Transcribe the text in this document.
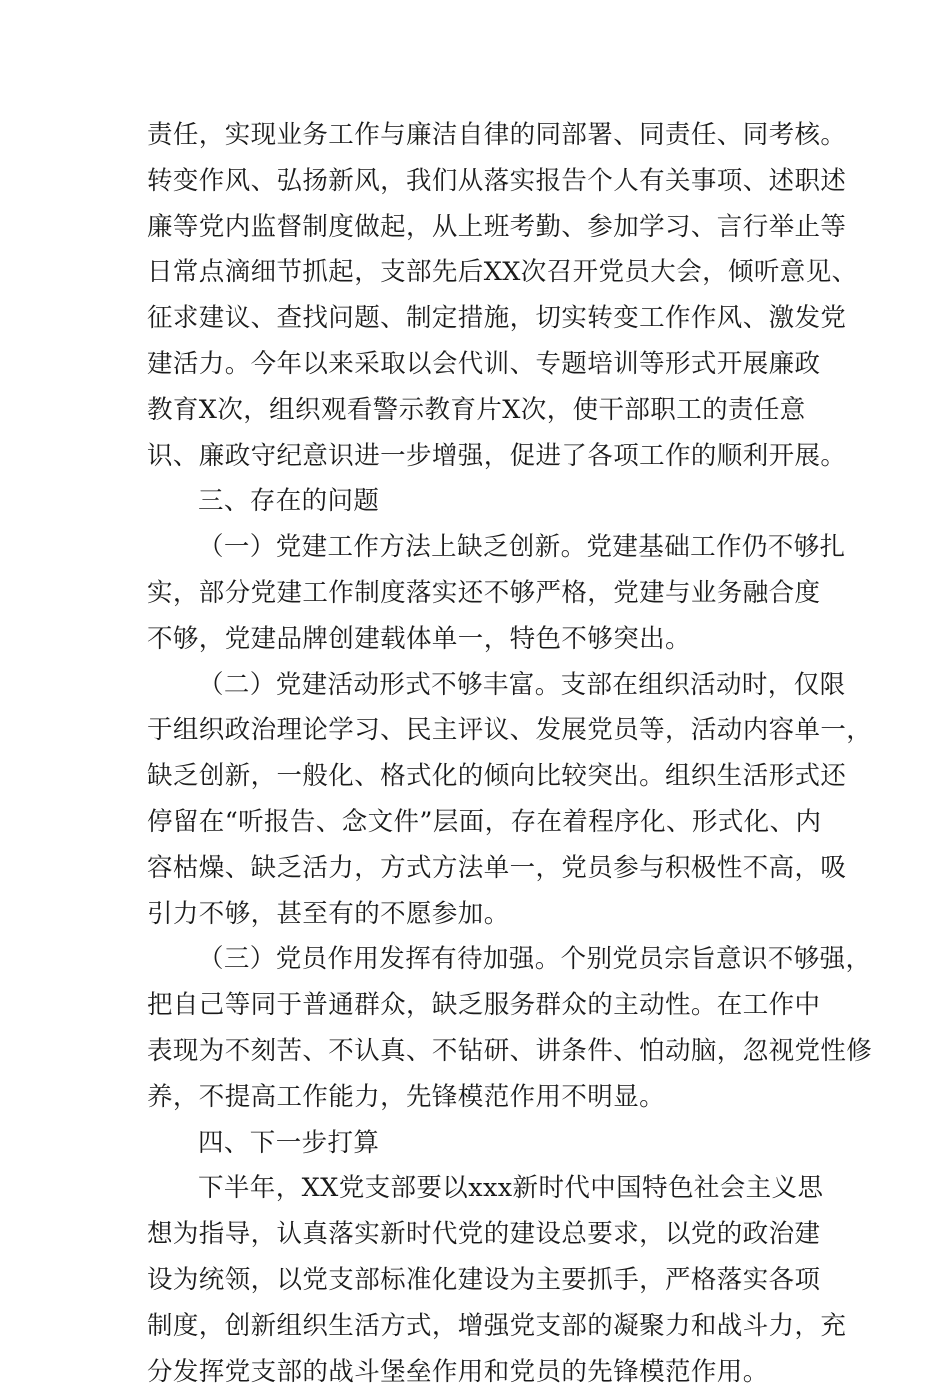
责任，实现业务工作与廉洁自律的同部署、同责任、同考核。
转变作风、弘扬新风，我们从落实报告个人有关事项、述职述
廉等党内监督制度做起，从上班考勤、参加学习、言行举止等
日常点滴细节抓起，支部先后XX次召开党员大会，倾听意见、
征求建议、查找问题、制定措施，切实转变工作作风、激发党
建活力。今年以来采取以会代训、专题培训等形式开展廉政
教育X次，组织观看警示教育片X次，使干部职工的责任意
识、廉政守纪意识进一步增强，促进了各项工作的顺利开展。
三、存在的问题
（一）党建工作方法上缺乏创新。党建基础工作仍不够扎
实，部分党建工作制度落实还不够严格，党建与业务融合度
不够，党建品牌创建载体单一，特色不够突出。
（二）党建活动形式不够丰富。支部在组织活动时，仅限
于组织政治理论学习、民主评议、发展党员等，活动内容单一，
缺乏创新，一般化、格式化的倾向比较突出。组织生活形式还
停留在“听报告、念文件”层面，存在着程序化、形式化、内
容枯燥、缺乏活力，方式方法单一，党员参与积极性不高，吸
引力不够，甚至有的不愿参加。
（三）党员作用发挥有待加强。个别党员宗旨意识不够强，
把自己等同于普通群众，缺乏服务群众的主动性。在工作中
表现为不刻苦、不认真、不钻研、讲条件、怕动脑，忽视党性修
养，不提高工作能力，先锋模范作用不明显。
四、下一步打算
下半年，XX党支部要以xxx新时代中国特色社会主义思
想为指导，认真落实新时代党的建设总要求，以党的政治建
设为统领，以党支部标准化建设为主要抓手，严格落实各项
制度，创新组织生活方式，增强党支部的凝聚力和战斗力，充
分发挥党支部的战斗堡垒作用和党员的先锋模范作用。
